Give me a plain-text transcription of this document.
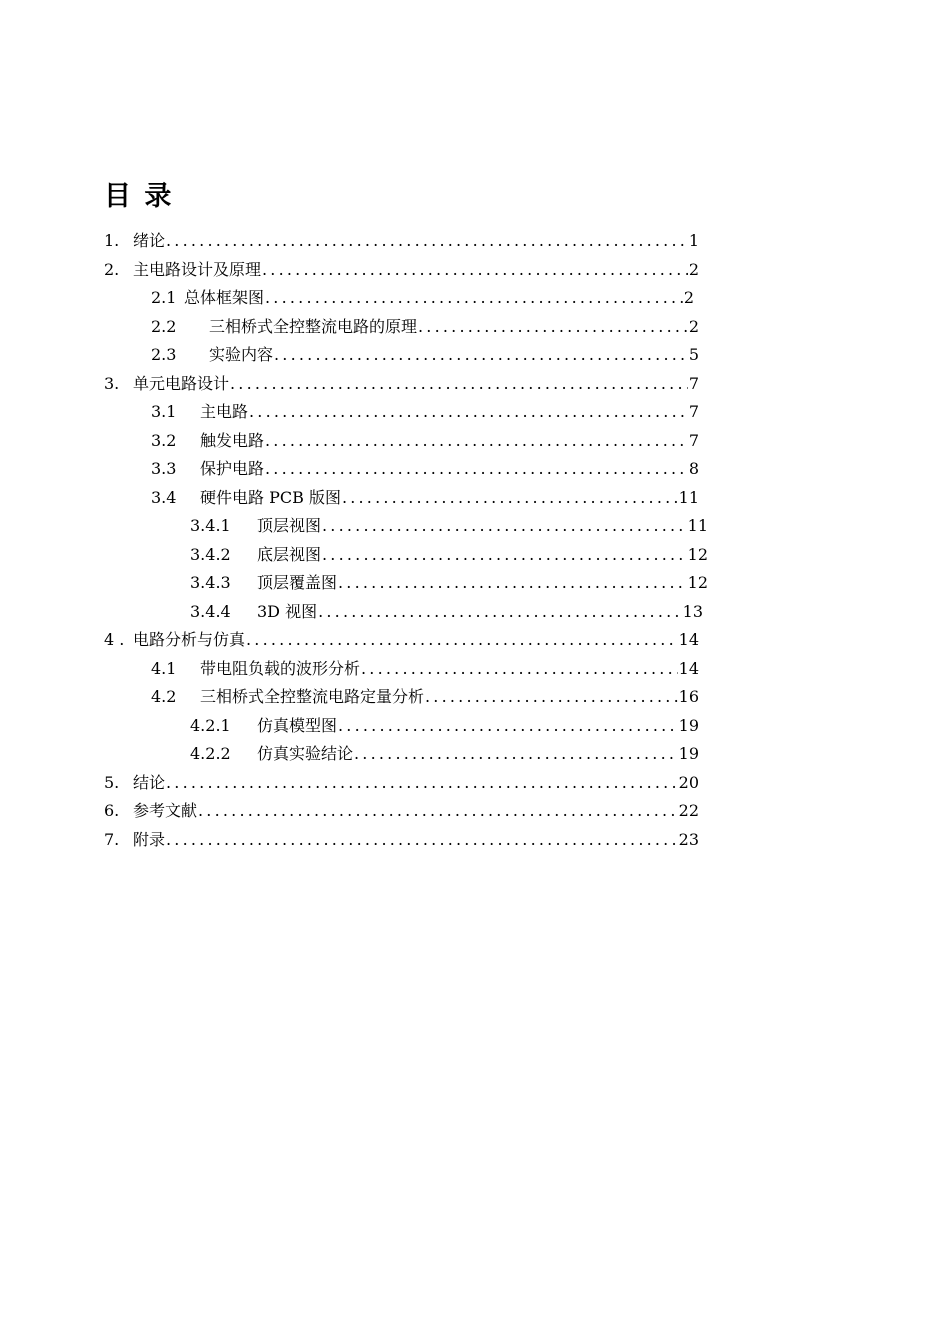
目 录
1. 绪论 .....	1
2. 主电路设计及原理 .....	2
2.1 总体框架图 .....	2
2.2	三相桥式全控整流电路的原理 .....	2
2.3	实验内容 .....	5
3. 单元电路设计 .....	7
3.1	主电路 .....	7
3.2	触发电路 .....	7
3.3	保护电路 .....	8
3.4	硬件电路 PCB 版图 .....	11
3.4.1	顶层视图 .....	11
3.4.2	底层视图 .....	12
3.4.3	顶层覆盖图 .....	12
3.4.4	3D 视图 .....	13
4 . 电路分析与仿真 .....	14
4.1	带电阻负载的波形分析 .....	14
4.2	三相桥式全控整流电路定量分析 .....	16
4.2.1	仿真模型图 .....	19
4.2.2	仿真实验结论 .....	19
5. 结论 .....	20
6. 参考文献 .....	22
7. 附录 .....	23
